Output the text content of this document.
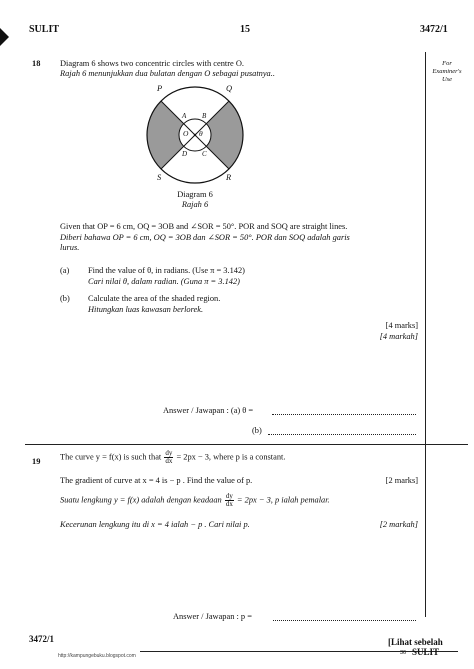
SULIT	15	3472/1
For
Examiner's
Use
18 Diagram 6 shows two concentric circles with centre O.
Rajah 6 menunjukkan dua bulatan dengan O sebagai pusatnya..
P	Q
R
S
A B
C
D
O θ
Diagram 6
Rajah 6
Given that OP = 6 cm, OQ = 3OB and ∠SOR = 50°. POR and SOQ are straight lines.
Diberi bahawa OP = 6 cm, OQ = 3OB dan ∠SOR = 50°. POR dan SOQ adalah garis
lurus.
(a) Find the value of θ, in radians. (Use π = 3.142)
Cari nilai θ, dalam radian. (Guna π = 3.142)
(b) Calculate the area of the shaded region.
Hitungkan luas kawasan berlorek.
[4 marks]
[4 markah]
Answer / Jawapan : (a) θ =
(b)
19
The curve y = f(x) is such that $\frac{dy}{dx} = 2px - 3$, where p is a constant.
The gradient of curve at x = 4 is − p . Find the value of p.	[2 marks]
Suatu lengkung y = f(x) adalah dengan keadaan $\frac{dy}{dx} = 2px - 3$, p ialah pemalar.
Kecerunan lengkung itu di x = 4 ialah − p . Cari nilai p.	[2 markah]
Answer / Jawapan : p =
3472/1
http://kampungebuku.blogspot.com
[Lihat sebelah
36 SULIT
